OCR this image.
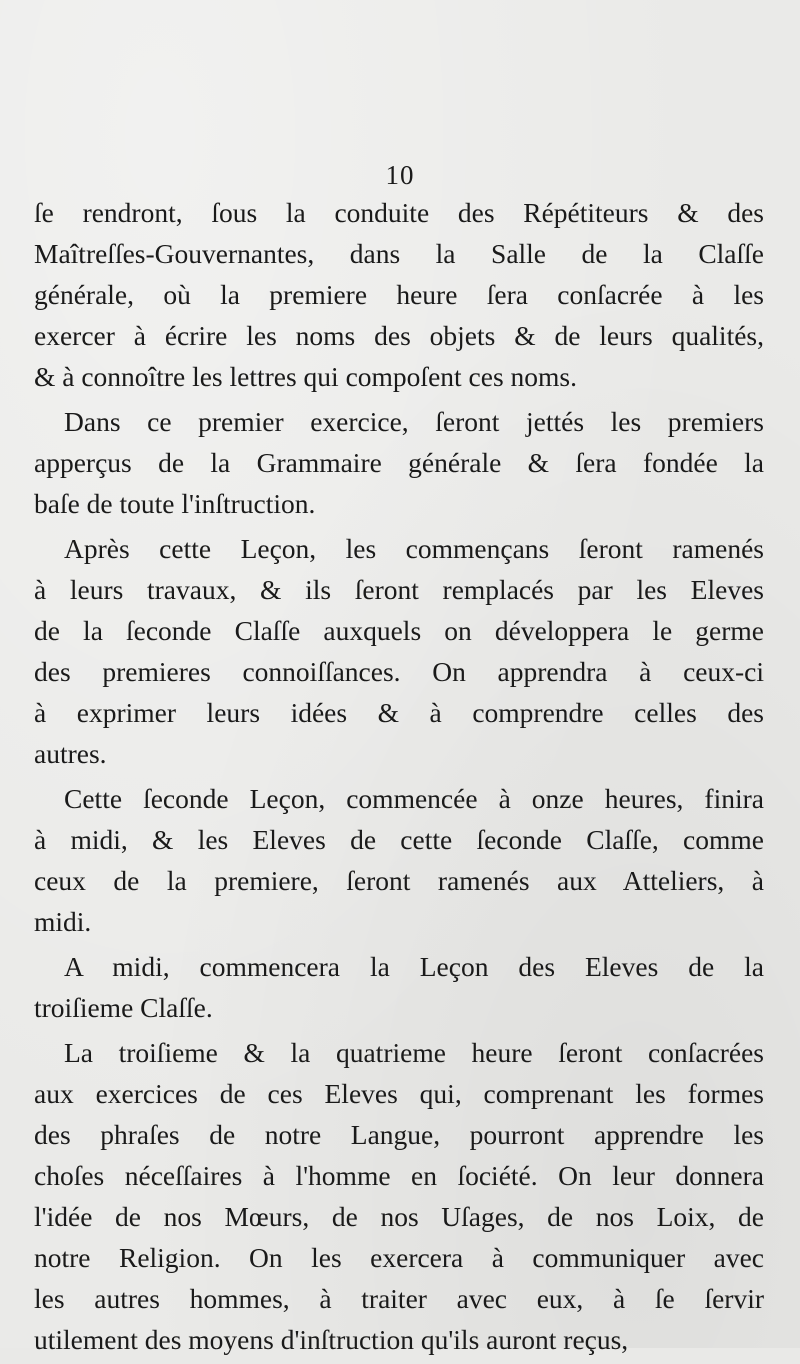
10
ſe rendront, ſous la conduite des Répétiteurs & des
Maîtreſſes-Gouvernantes, dans la Salle de la Claſſe
générale, où la premiere heure ſera conſacrée à les
exercer à écrire les noms des objets & de leurs qualités,
& à connoître les lettres qui compoſent ces noms.
Dans ce premier exercice, ſeront jettés les premiers
apperçus de la Grammaire générale & ſera fondée la
baſe de toute l'inſtruction.
Après cette Leçon, les commençans ſeront ramenés
à leurs travaux, & ils ſeront remplacés par les Eleves
de la ſeconde Claſſe auxquels on développera le germe
des premieres connoiſſances. On apprendra à ceux-ci
à exprimer leurs idées & à comprendre celles des
autres.
Cette ſeconde Leçon, commencée à onze heures, finira
à midi, & les Eleves de cette ſeconde Claſſe, comme
ceux de la premiere, ſeront ramenés aux Atteliers, à
midi.
A midi, commencera la Leçon des Eleves de la
troiſieme Claſſe.
La troiſieme & la quatrieme heure ſeront conſacrées
aux exercices de ces Eleves qui, comprenant les formes
des phraſes de notre Langue, pourront apprendre les
choſes néceſſaires à l'homme en ſociété. On leur donnera
l'idée de nos Mœurs, de nos Uſages, de nos Loix, de
notre Religion. On les exercera à communiquer avec
les autres hommes, à traiter avec eux, à ſe ſervir
utilement des moyens d'inſtruction qu'ils auront reçus,
